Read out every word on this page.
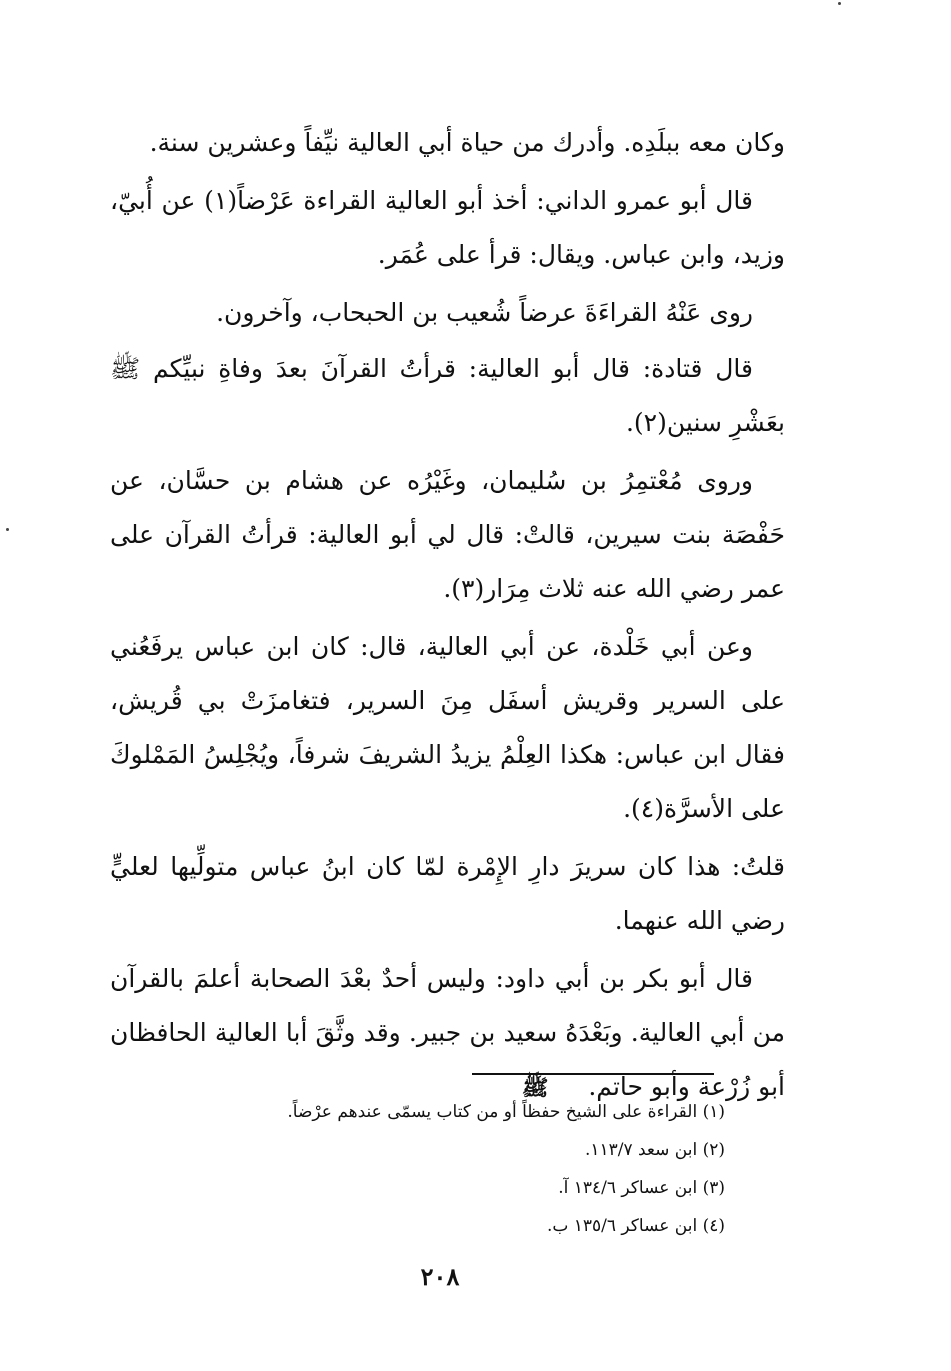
وكان معه ببلَدِه. وأدرك من حياة أبي العالية نيِّفاً وعشرين سنة.

قال أبو عمرو الداني: أخذ أبو العالية القراءة عَرْضاً(١) عن أُبيّ، وزيد، وابن عباس. ويقال: قرأ على عُمَر.

روى عَنْهُ القراءَةَ عرضاً شُعيب بن الحبحاب، وآخرون.

قال قتادة: قال أبو العالية: قرأتُ القرآنَ بعدَ وفاةِ نبيِّكم ﷺ بعَشْرِ سنين(٢).

وروى مُعْتمِرُ بن سُليمان، وغَيْرُه عن هشام بن حسَّان، عن حَفْصَة بنت سيرين، قالتْ: قال لي أبو العالية: قرأتُ القرآن على عمر رضي الله عنه ثلاث مِرَار(٣).

وعن أبي خَلْدة، عن أبي العالية، قال: كان ابن عباس يرفَعُني على السرير وقريش أسفَل مِنَ السرير، فتغامزَتْ بي قُريش، فقال ابن عباس: هكذا العِلْمُ يزيدُ الشريفَ شرفاً، ويُجْلِسُ المَمْلوكَ على الأسرَّة(٤).

قلتُ: هذا كان سريرَ دارِ الإِمْرة لمّا كان ابنُ عباس متولِّيها لعليٍّ رضي الله عنهما.

قال أبو بكر بن أبي داود: وليس أحدٌ بعْدَ الصحابة أعلمَ بالقرآن من أبي العالية. وبَعْدَهُ سعيد بن جبير. وقد وثَّقَ أبا العالية الحافظان أبو زُرْعة وأبو حاتم. ﷺ

(١) القراءة على الشيخ حفظاً أو من كتاب يسمّى عندهم عرْضاً.

(٢) ابن سعد ١١٣/٧.

(٣) ابن عساكر ١٣٤/٦ آ.

(٤) ابن عساكر ١٣٥/٦ ب.

٢٠٨
